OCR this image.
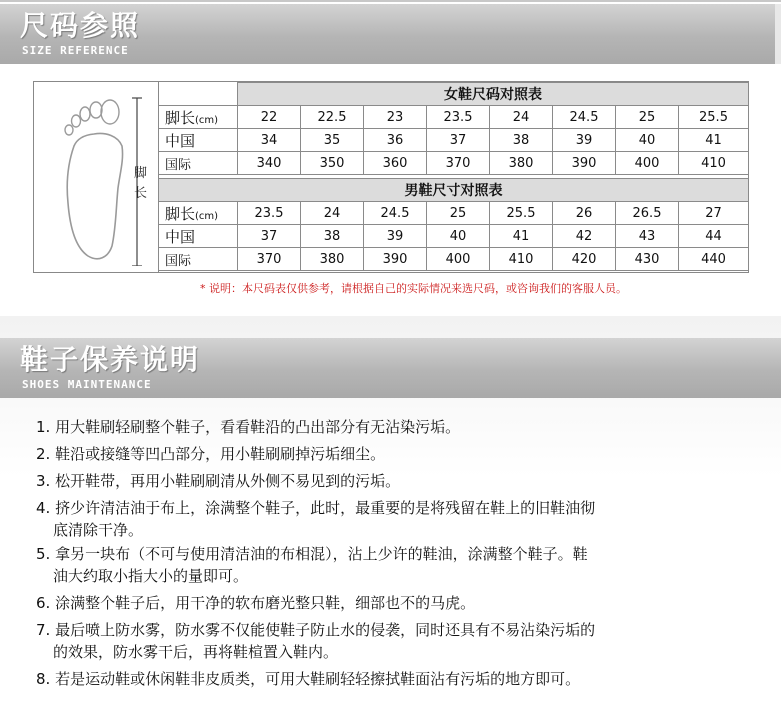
尺码参照
SIZE REFERENCE
脚长
	女鞋尺码对照表							
脚长(cm)	22	22.5	23	23.5	24	24.5	25	25.5
中国	34	35	36	37	38	39	40	41
国际	340	350	360	370	380	390	400	410
男鞋尺寸对照表								
脚长(cm)	23.5	24	24.5	25	25.5	26	26.5	27
中国	37	38	39	40	41	42	43	44
国际	370	380	390	400	410	420	430	440
* 说明：本尺码表仅供参考，请根据自己的实际情况来选尺码，或咨询我们的客服人员。
鞋子保养说明
SHOES MAINTENANCE
1. 用大鞋刷轻刷整个鞋子，看看鞋沿的凸出部分有无沾染污垢。
2. 鞋沿或接缝等凹凸部分，用小鞋刷刷掉污垢细尘。
3. 松开鞋带，再用小鞋刷刷清从外侧不易见到的污垢。
4. 挤少许清洁油于布上，涂满整个鞋子，此时，最重要的是将残留在鞋上的旧鞋油彻
底清除干净。
5. 拿另一块布（不可与使用清洁油的布相混），沾上少许的鞋油，涂满整个鞋子。鞋
油大约取小指大小的量即可。
6. 涂满整个鞋子后，用干净的软布磨光整只鞋，细部也不的马虎。
7. 最后喷上防水雾，防水雾不仅能使鞋子防止水的侵袭，同时还具有不易沾染污垢的
的效果，防水雾干后，再将鞋楦置入鞋内。
8. 若是运动鞋或休闲鞋非皮质类，可用大鞋刷轻轻擦拭鞋面沾有污垢的地方即可。
